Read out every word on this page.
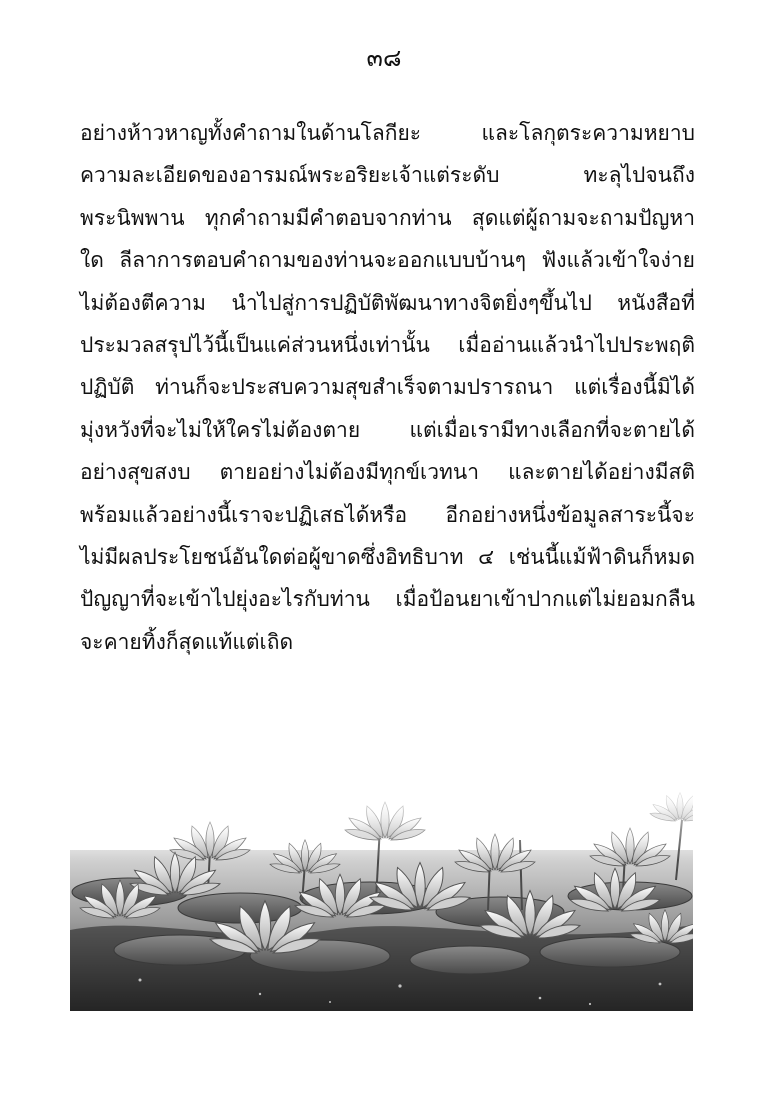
๓๘
อย่างห้าวหาญทั้งคำถามในด้านโลกียะ และโลกุตระความหยาบ
ความละเอียดของอารมณ์พระอริยะเจ้าแต่ระดับ ทะลุไปจนถึง
พระนิพพาน ทุกคำถามมีคำตอบจากท่าน สุดแต่ผู้ถามจะถามปัญหา
ใด ลีลาการตอบคำถามของท่านจะออกแบบบ้านๆ ฟังแล้วเข้าใจง่าย
ไม่ต้องตีความ นำไปสู่การปฏิบัติพัฒนาทางจิตยิ่งๆขึ้นไป หนังสือที่
ประมวลสรุปไว้นี้เป็นแค่ส่วนหนึ่งเท่านั้น เมื่ออ่านแล้วนำไปประพฤติ
ปฏิบัติ ท่านก็จะประสบความสุขสำเร็จตามปรารถนา แต่เรื่องนี้มิได้
มุ่งหวังที่จะไม่ให้ใครไม่ต้องตาย แต่เมื่อเรามีทางเลือกที่จะตายได้
อย่างสุขสงบ ตายอย่างไม่ต้องมีทุกข์เวทนา และตายได้อย่างมีสติ
พร้อมแล้วอย่างนี้เราจะปฏิเสธได้หรือ อีกอย่างหนึ่งข้อมูลสาระนี้จะ
ไม่มีผลประโยชน์อันใดต่อผู้ขาดซึ่งอิทธิบาท ๔ เช่นนี้แม้ฟ้าดินก็หมด
ปัญญาที่จะเข้าไปยุ่งอะไรกับท่าน เมื่อป้อนยาเข้าปากแต่ไม่ยอมกลืน
จะคายทิ้งก็สุดแท้แต่เถิด
